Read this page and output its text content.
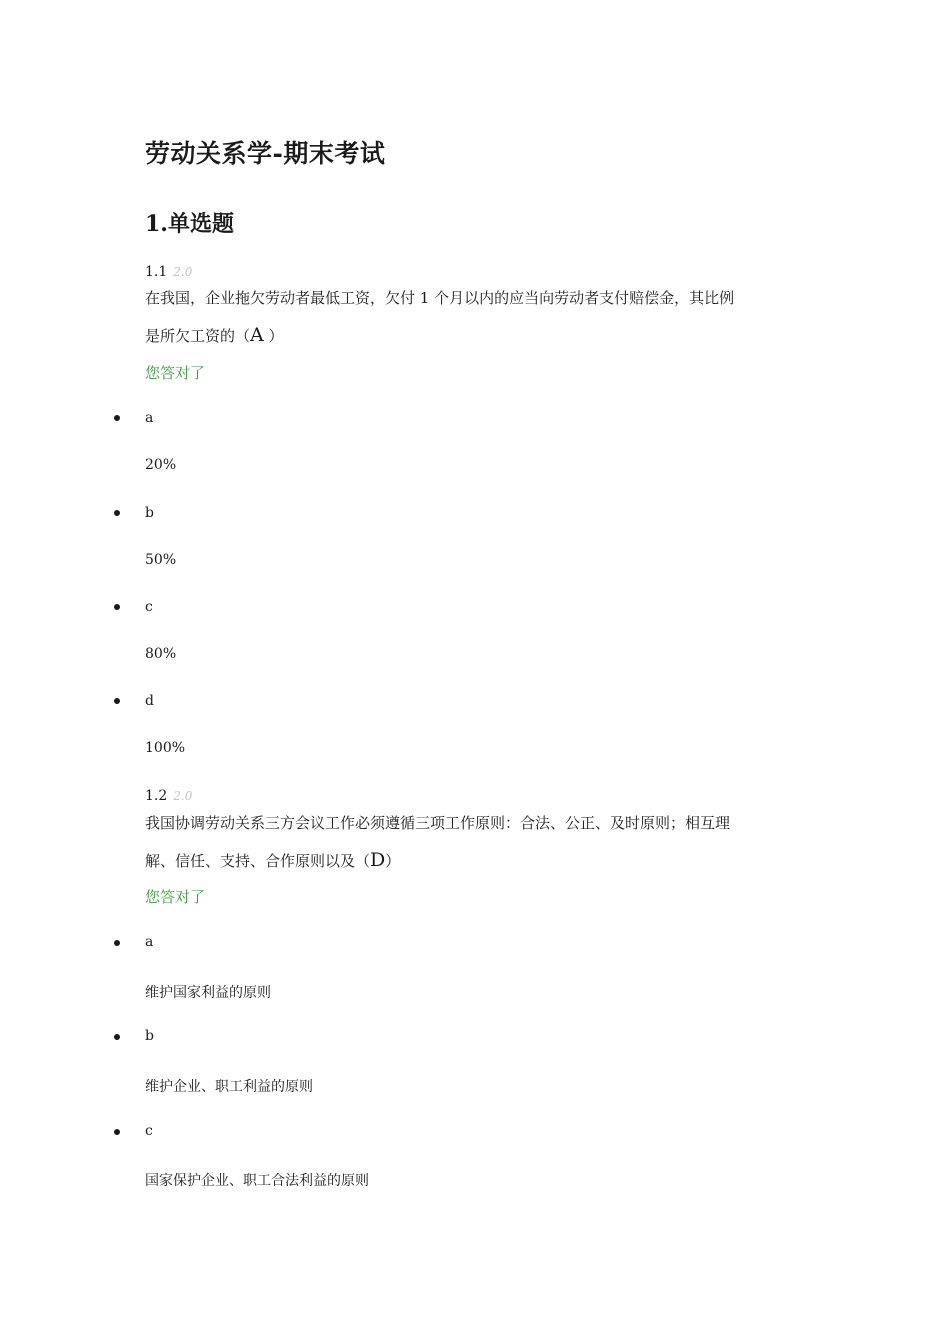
劳动关系学-期末考试
1.单选题
1.1 2.0
在我国，企业拖欠劳动者最低工资，欠付 1 个月以内的应当向劳动者支付赔偿金，其比例
是所欠工资的（A ）
您答对了
a
20%
b
50%
c
80%
d
100%
1.2 2.0
我国协调劳动关系三方会议工作必须遵循三项工作原则：合法、公正、及时原则；相互理
解、信任、支持、合作原则以及（D）
您答对了
a
维护国家利益的原则
b
维护企业、职工利益的原则
c
国家保护企业、职工合法利益的原则
